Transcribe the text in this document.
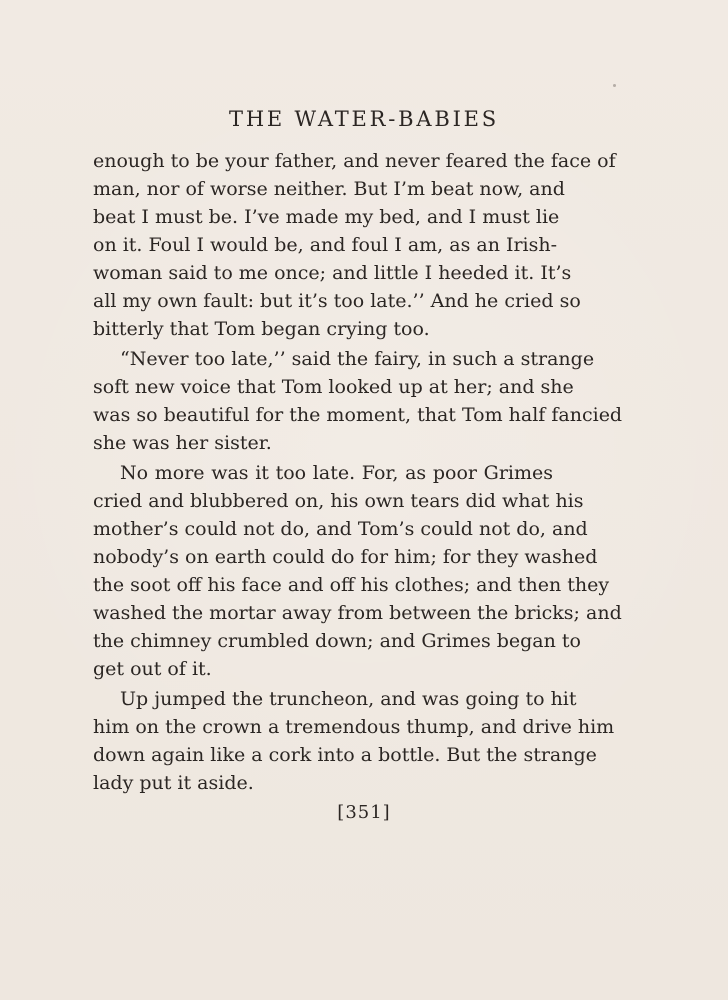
THE WATER-BABIES
enough to be your father, and never feared the face of
man, nor of worse neither. But I’m beat now, and
beat I must be. I’ve made my bed, and I must lie
on it. Foul I would be, and foul I am, as an Irish-
woman said to me once; and little I heeded it. It’s
all my own fault: but it’s too late.’’ And he cried so
bitterly that Tom began crying too.
“Never too late,’’ said the fairy, in such a strange
soft new voice that Tom looked up at her; and she
was so beautiful for the moment, that Tom half fancied
she was her sister.
No more was it too late. For, as poor Grimes
cried and blubbered on, his own tears did what his
mother’s could not do, and Tom’s could not do, and
nobody’s on earth could do for him; for they washed
the soot off his face and off his clothes; and then they
washed the mortar away from between the bricks; and
the chimney crumbled down; and Grimes began to
get out of it.
Up jumped the truncheon, and was going to hit
him on the crown a tremendous thump, and drive him
down again like a cork into a bottle. But the strange
lady put it aside.
[351]
